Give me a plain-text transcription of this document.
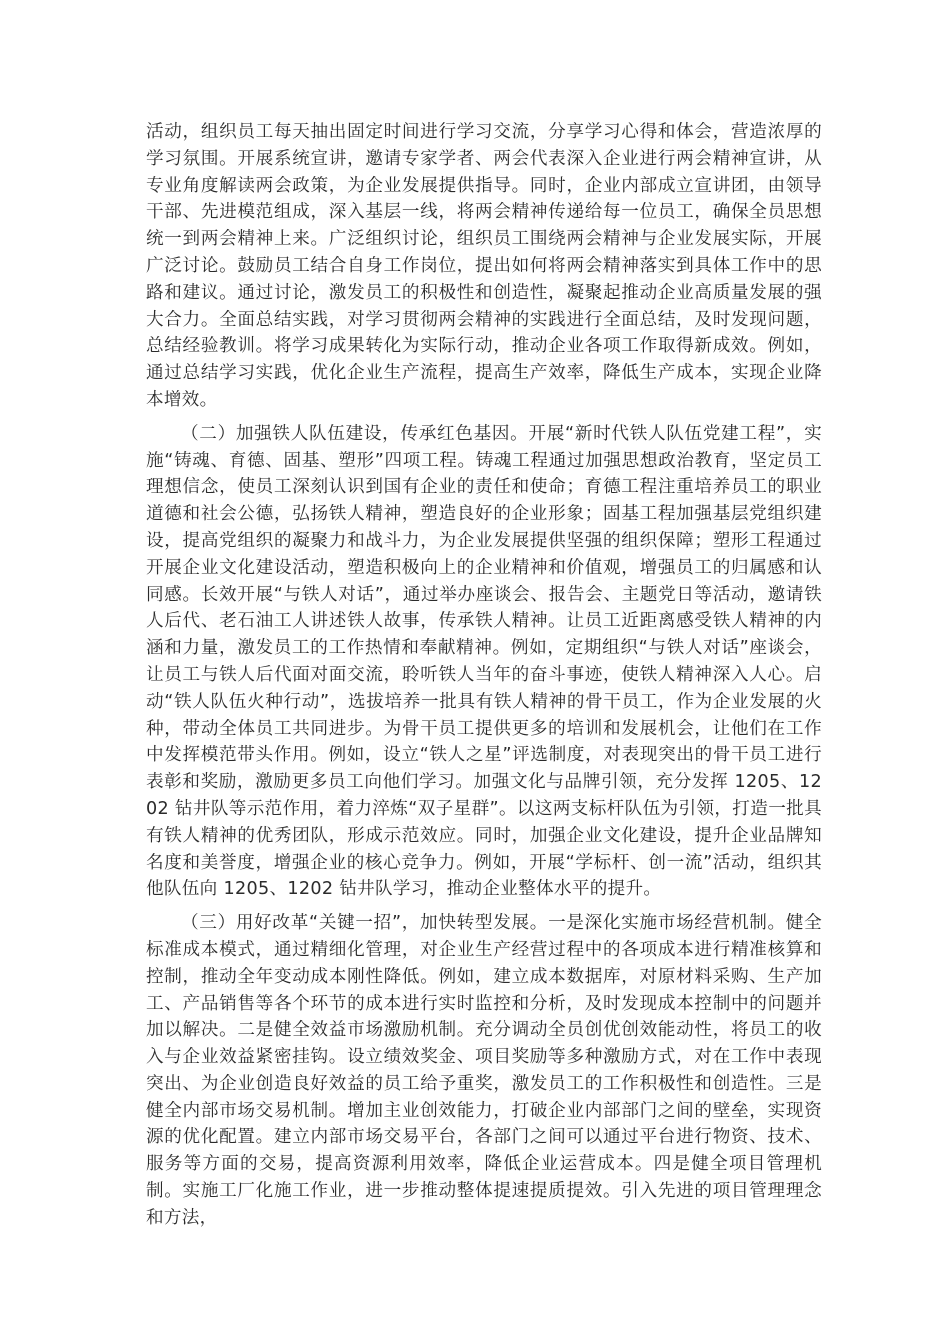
活动，组织员工每天抽出固定时间进行学习交流，分享学习心得和体会，营造浓厚的学习氛围。开展系统宣讲，邀请专家学者、两会代表深入企业进行两会精神宣讲，从专业角度解读两会政策，为企业发展提供指导。同时，企业内部成立宣讲团，由领导干部、先进模范组成，深入基层一线，将两会精神传递给每一位员工，确保全员思想统一到两会精神上来。广泛组织讨论，组织员工围绕两会精神与企业发展实际，开展广泛讨论。鼓励员工结合自身工作岗位，提出如何将两会精神落实到具体工作中的思路和建议。通过讨论，激发员工的积极性和创造性，凝聚起推动企业高质量发展的强大合力。全面总结实践，对学习贯彻两会精神的实践进行全面总结，及时发现问题，总结经验教训。将学习成果转化为实际行动，推动企业各项工作取得新成效。例如，通过总结学习实践，优化企业生产流程，提高生产效率，降低生产成本，实现企业降本增效。

（二）加强铁人队伍建设，传承红色基因。开展“新时代铁人队伍党建工程”，实施“铸魂、育德、固基、塑形”四项工程。铸魂工程通过加强思想政治教育，坚定员工理想信念，使员工深刻认识到国有企业的责任和使命；育德工程注重培养员工的职业道德和社会公德，弘扬铁人精神，塑造良好的企业形象；固基工程加强基层党组织建设，提高党组织的凝聚力和战斗力，为企业发展提供坚强的组织保障；塑形工程通过开展企业文化建设活动，塑造积极向上的企业精神和价值观，增强员工的归属感和认同感。长效开展“与铁人对话”，通过举办座谈会、报告会、主题党日等活动，邀请铁人后代、老石油工人讲述铁人故事，传承铁人精神。让员工近距离感受铁人精神的内涵和力量，激发员工的工作热情和奉献精神。例如，定期组织“与铁人对话”座谈会，让员工与铁人后代面对面交流，聆听铁人当年的奋斗事迹，使铁人精神深入人心。启动“铁人队伍火种行动”，选拔培养一批具有铁人精神的骨干员工，作为企业发展的火种，带动全体员工共同进步。为骨干员工提供更多的培训和发展机会，让他们在工作中发挥模范带头作用。例如，设立“铁人之星”评选制度，对表现突出的骨干员工进行表彰和奖励，激励更多员工向他们学习。加强文化与品牌引领，充分发挥 1205、1202 钻井队等示范作用，着力淬炼“双子星群”。以这两支标杆队伍为引领，打造一批具有铁人精神的优秀团队，形成示范效应。同时，加强企业文化建设，提升企业品牌知名度和美誉度，增强企业的核心竞争力。例如，开展“学标杆、创一流”活动，组织其他队伍向 1205、1202 钻井队学习，推动企业整体水平的提升。

（三）用好改革“关键一招”，加快转型发展。一是深化实施市场经营机制。健全标准成本模式，通过精细化管理，对企业生产经营过程中的各项成本进行精准核算和控制，推动全年变动成本刚性降低。例如，建立成本数据库，对原材料采购、生产加工、产品销售等各个环节的成本进行实时监控和分析，及时发现成本控制中的问题并加以解决。二是健全效益市场激励机制。充分调动全员创优创效能动性，将员工的收入与企业效益紧密挂钩。设立绩效奖金、项目奖励等多种激励方式，对在工作中表现突出、为企业创造良好效益的员工给予重奖，激发员工的工作积极性和创造性。三是健全内部市场交易机制。增加主业创效能力，打破企业内部部门之间的壁垒，实现资源的优化配置。建立内部市场交易平台，各部门之间可以通过平台进行物资、技术、服务等方面的交易，提高资源利用效率，降低企业运营成本。四是健全项目管理机制。实施工厂化施工作业，进一步推动整体提速提质提效。引入先进的项目管理理念和方法，
